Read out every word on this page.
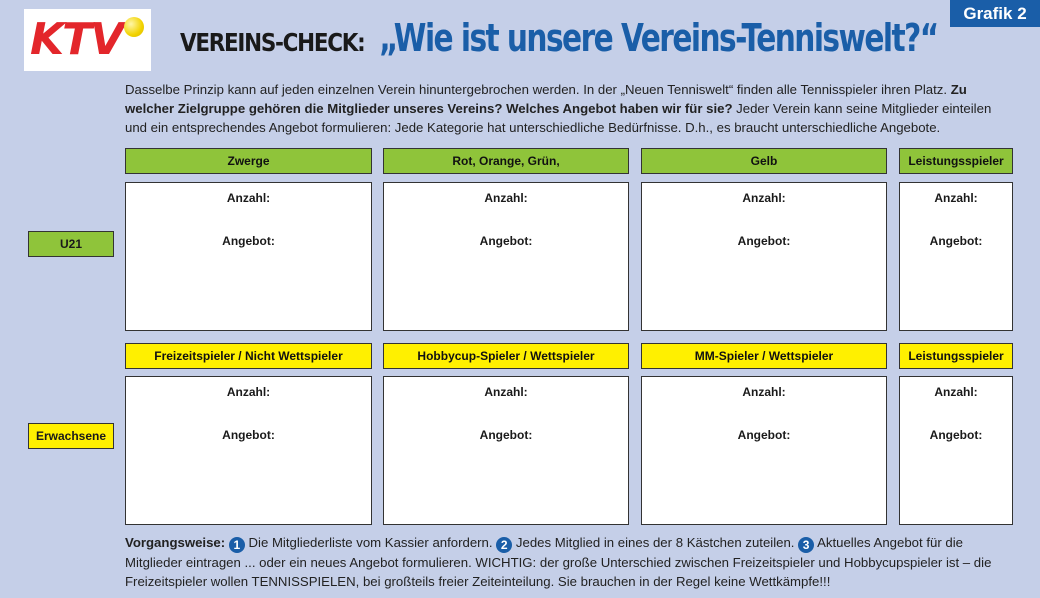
KTV
Grafik 2
VEREINS-CHECK: „Wie ist unsere Vereins-Tenniswelt?“
Dasselbe Prinzip kann auf jeden einzelnen Verein hinuntergebrochen werden. In der „Neuen Tenniswelt“ finden alle Tennisspieler ihren Platz. Zu welcher Zielgruppe gehören die Mitglieder unseres Vereins? Welches Angebot haben wir für sie? Jeder Verein kann seine Mitglieder einteilen und ein entsprechendes Angebot formulieren: Jede Kategorie hat unterschiedliche Bedürfnisse. D.h., es braucht unterschiedliche Angebote.
Zwerge	Rot, Orange, Grün,	Gelb	Leistungsspieler
U21
Anzahl:
Angebot:
Anzahl:
Angebot:
Anzahl:
Angebot:
Anzahl:
Angebot:
Freizeitspieler / Nicht Wettspieler	Hobbycup-Spieler / Wettspieler	MM-Spieler / Wettspieler	Leistungsspieler
Erwachsene
Anzahl:
Angebot:
Anzahl:
Angebot:
Anzahl:
Angebot:
Anzahl:
Angebot:
Vorgangsweise: 1 Die Mitgliederliste vom Kassier anfordern. 2 Jedes Mitglied in eines der 8 Kästchen zuteilen. 3 Aktuelles Angebot für die Mitglieder eintragen ... oder ein neues Angebot formulieren. WICHTIG: der große Unterschied zwischen Freizeitspieler und Hobbycupspieler ist – die Freizeitspieler wollen TENNISSPIELEN, bei großteils freier Zeiteinteilung. Sie brauchen in der Regel keine Wettkämpfe!!!
